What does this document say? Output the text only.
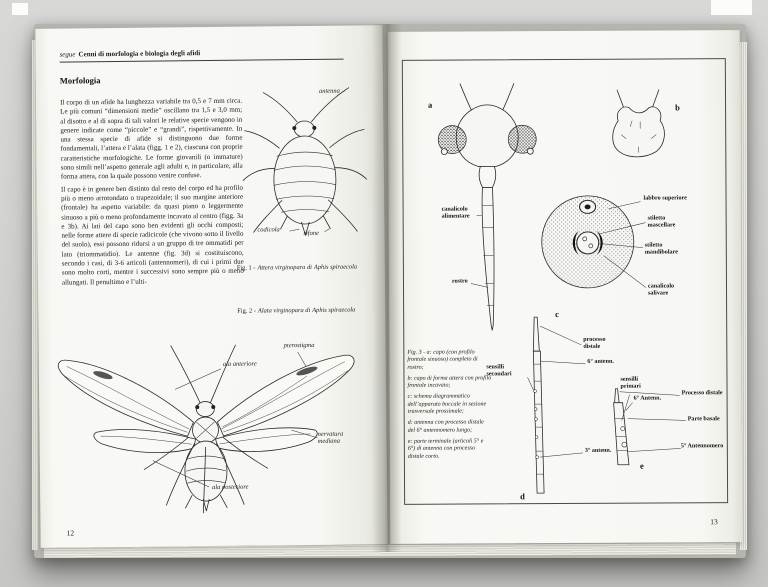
segue Cenni di morfologia e biologia degli afidi
Morfologia

Il corpo di un afide ha lunghezza variabile tra 0,5 e 7 mm circa. Le più comuni “dimensioni medie” oscillano tra 1,5 e 3,0 mm; al disotto e al di sopra di tali valori le relative specie vengono in genere indicate come “piccole” e “grandi”, rispettivamente. In una stessa specie di afide si distinguono due forme fondamentali, l’attera e l’alata (figg. 1 e 2), ciascuna con proprie caratteristiche morfologiche. Le forme giovanili (o immature) sono simili nell’aspetto generale agli adulti e, in particolare, alla forma attera, con la quale possono venire confuse.

Il capo è in genere ben distinto dal resto del corpo ed ha profilo più o meno arrotondato o trapezoidale; il suo margine anteriore (frontale) ha aspetto variabile: da quasi piano o leggermente sinuoso a più o meno profondamente incavato al centro (figg. 3a e 3b). Ai lati del capo sono ben evidenti gli occhi composti; nelle forme attere di specie radicicole (che vivono sotto il livello del suolo), essi possono ridursi a un gruppo di tre ommatidi per lato (triommatidio). Le antenne (fig. 3d) si costituiscono, secondo i casi, di 3-6 articoli (antennomeri), di cui i primi due sono molto corti, mentre i successivi sono sempre più o meno allungati. Il penultimo e l’ulti-

antenna
codicola	sifone
Fig. 1 - Attera virginopara di Aphis spiraecola
Fig. 2 - Alata virginopara di Aphis spiraecola
pterostigma
ala anteriore
nervatura mediana
ala posteriore
12
a	b
c
d
e
labbro superiore
stiletto mascellare
stiletto mandibolare
canalicolo alimentare
canalicolo salivare
rostro
processo distale
6° antenn.
sensilli secondari
sensilli primari
6° Antenn.
Processo distale
Parte basale
5° Antennomero
3° antenn.
Fig. 3 - a: capo (con profilo frontale sinuoso) completo di rostro;
b: capo di forma attera con profilo frontale incavato;
c: schema diagrammatico dell’apparato boccale in sezione trasversale prossimale;
d: antenna con processo distale del 6° antennomero lungo;
e: parte terminale (articoli 5° e 6°) di antenna con processo distale corto.
13
